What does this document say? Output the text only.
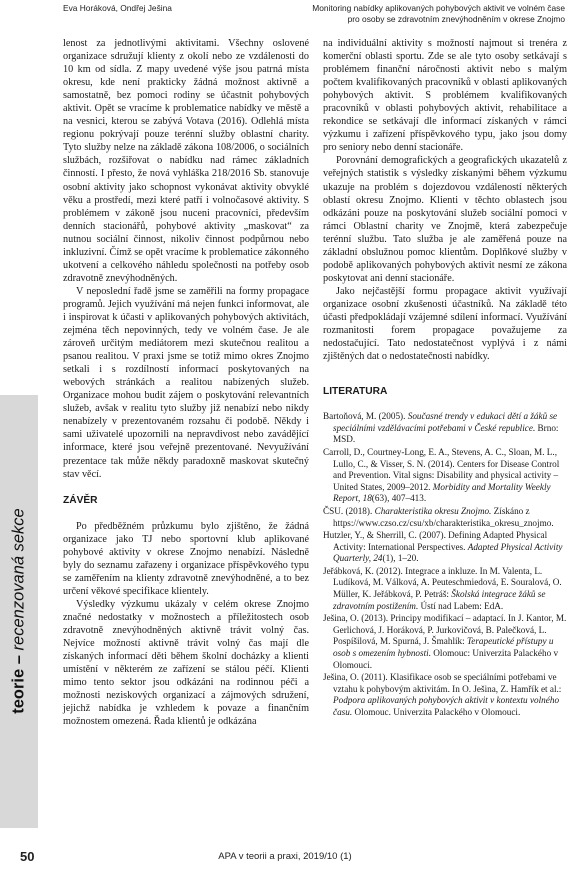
Eva Horáková, Ondřej Ješina	Monitoring nabídky aplikovaných pohybových aktivit ve volném čase
pro osoby se zdravotním znevýhodněním v okrese Znojmo
teorie – recenzovaná sekce

lenost za jednotlivými aktivitami. Všechny oslovené organizace sdružují klienty z okolí nebo ze vzdálenosti do 10 km od sídla. Z mapy uvedené výše jsou patrná místa okresu, kde není prakticky žádná možnost aktivně a samostatně, bez pomoci rodiny se účastnit pohybových aktivit. Opět se vracíme k problematice nabídky ve městě a na vesnici, kterou se zabývá Votava (2016). Odlehlá místa regionu pokrývají pouze terénní služby oblastní charity. Tyto služby nelze na základě zákona 108/2006, o sociálních službách, rozšiřovat o nabídku nad rámec základních činností. I přesto, že nová vyhláška 218/2016 Sb. stanovuje osobní aktivity jako schopnost vykonávat aktivity obvyklé věku a prostředí, mezi které patří i volnočasové aktivity. S problémem v zákoně jsou nuceni pracovníci, především denních stacionářů, pohybové aktivity „maskovat“ za nutnou sociální činnost, nikoliv činnost podpůrnou nebo inkluzivní. Čímž se opět vracíme k problematice zákonného ukotvení a celkového náhledu společnosti na potřeby osob zdravotně znevýhodněných.

V neposlední řadě jsme se zaměřili na formy propagace programů. Jejich využívání má nejen funkci informovat, ale i inspirovat k účasti v aplikovaných pohybových aktivitách, zejména těch nepovinných, tedy ve volném čase. Je ale zároveň určitým mediátorem mezi skutečnou realitou a psanou realitou. V praxi jsme se totiž mimo okres Znojmo setkali i s rozdílností informací poskytovaných na webových stránkách a realitou nabízených služeb. Organizace mohou budit zájem o poskytování relevantních služeb, avšak v realitu tyto služby již nenabízí nebo nikdy nenabízely v prezentovaném rozsahu či podobě. Někdy i sami uživatelé upozornili na nepravdivost nebo zavádějící informace, které jsou veřejně prezentované. Nevyužívání prezentace tak může někdy paradoxně maskovat skutečný stav věcí.

ZÁVĚR

Po předběžném průzkumu bylo zjištěno, že žádná organizace jako TJ nebo sportovní klub aplikované pohybové aktivity v okrese Znojmo nenabízí. Následně byly do seznamu zařazeny i organizace příspěvkového typu se zaměřením na klienty zdravotně znevýhodněné, a to bez určení věkové specifikace klientely.

Výsledky výzkumu ukázaly v celém okrese Znojmo značné nedostatky v možnostech a příležitostech osob zdravotně znevýhodněných aktivně trávit volný čas. Nejvíce možností aktivně trávit volný čas mají dle získaných informací děti během školní docházky a klienti umístění v některém ze zařízení se stálou péčí. Klienti mimo tento sektor jsou odkázáni na rodinnou péči a možnosti neziskových organizací a zájmových sdružení, jejichž nabídka je vzhledem k povaze a finančním možnostem omezená. Řada klientů je odkázána

na individuální aktivity s možností najmout si trenéra z komerční oblasti sportu. Zde se ale tyto osoby setkávají s problémem finanční náročnosti aktivit nebo s malým počtem kvalifikovaných pracovníků v oblasti aplikovaných pohybových aktivit. S problémem kvalifikovaných pracovníků v oblasti pohybových aktivit, rehabilitace a rekondice se setkávají dle informací získaných v rámci výzkumu i zařízení příspěvkového typu, jako jsou domy pro seniory nebo denní stacionáře.

Porovnání demografických a geografických ukazatelů z veřejných statistik s výsledky získanými během výzkumu ukazuje na problém s dojezdovou vzdáleností některých oblastí okresu Znojmo. Klienti v těchto oblastech jsou odkázáni pouze na poskytování služeb sociální pomoci v rámci Oblastní charity ve Znojmě, která zabezpečuje terénní službu. Tato služba je ale zaměřená pouze na základní obslužnou pomoc klientům. Doplňkové služby v podobě aplikovaných pohybových aktivit nesmí ze zákona poskytovat ani denní stacionáře.

Jako nejčastější formu propagace aktivit využívají organizace osobní zkušenosti účastníků. Na základě této účasti předpokládají vzájemné sdílení informací. Využívání rozmanitosti forem propagace považujeme za nedostačující. Tato nedostatečnost vyplývá i z námi zjištěných dat o nedostatečnosti nabídky.

LITERATURA
Bartoňová, M. (2005). Současné trendy v edukaci dětí a žáků se speciálními vzdělávacími potřebami v České republice. Brno: MSD.
Carroll, D., Courtney-Long, E. A., Stevens, A. C., Sloan, M. L., Lullo, C., & Visser, S. N. (2014). Centers for Disease Control and Prevention. Vital signs: Disability and physical activity – United States, 2009–2012. Morbidity and Mortality Weekly Report, 18(63), 407–413.
ČSU. (2018). Charakteristika okresu Znojmo. Získáno z https://www.czso.cz/csu/xb/charakteristika_okresu_znojmo.
Hutzler, Y., & Sherrill, C. (2007). Defining Adapted Physical Activity: International Perspectives. Adapted Physical Activity Quarterly, 24(1), 1–20.
Jeřábková, K. (2012). Integrace a inkluze. In M. Valenta, L. Ludíková, M. Válková, A. Peuteschmiedová, E. Souralová, O. Müller, K. Jeřábková, P. Petráš: Školská integrace žáků se zdravotním postižením. Ústí nad Labem: EdA.
Ješina, O. (2013). Principy modifikací – adaptací. In J. Kantor, M. Gerlichová, J. Horáková, P. Jurkovičová, B. Palečková, L. Pospíšilová, M. Spurná, J. Šmahlík: Terapeutické přístupy u osob s omezením hybnosti. Olomouc: Univerzita Palackého v Olomouci.
Ješina, O. (2011). Klasifikace osob se speciálními potřebami ve vztahu k pohybovým aktivitám. In O. Ješina, Z. Hamřík et al.: Podpora aplikovaných pohybových aktivit v kontextu volného času. Olomouc. Univerzita Palackého v Olomouci.
50	APA v teorii a praxi, 2019/10 (1)
